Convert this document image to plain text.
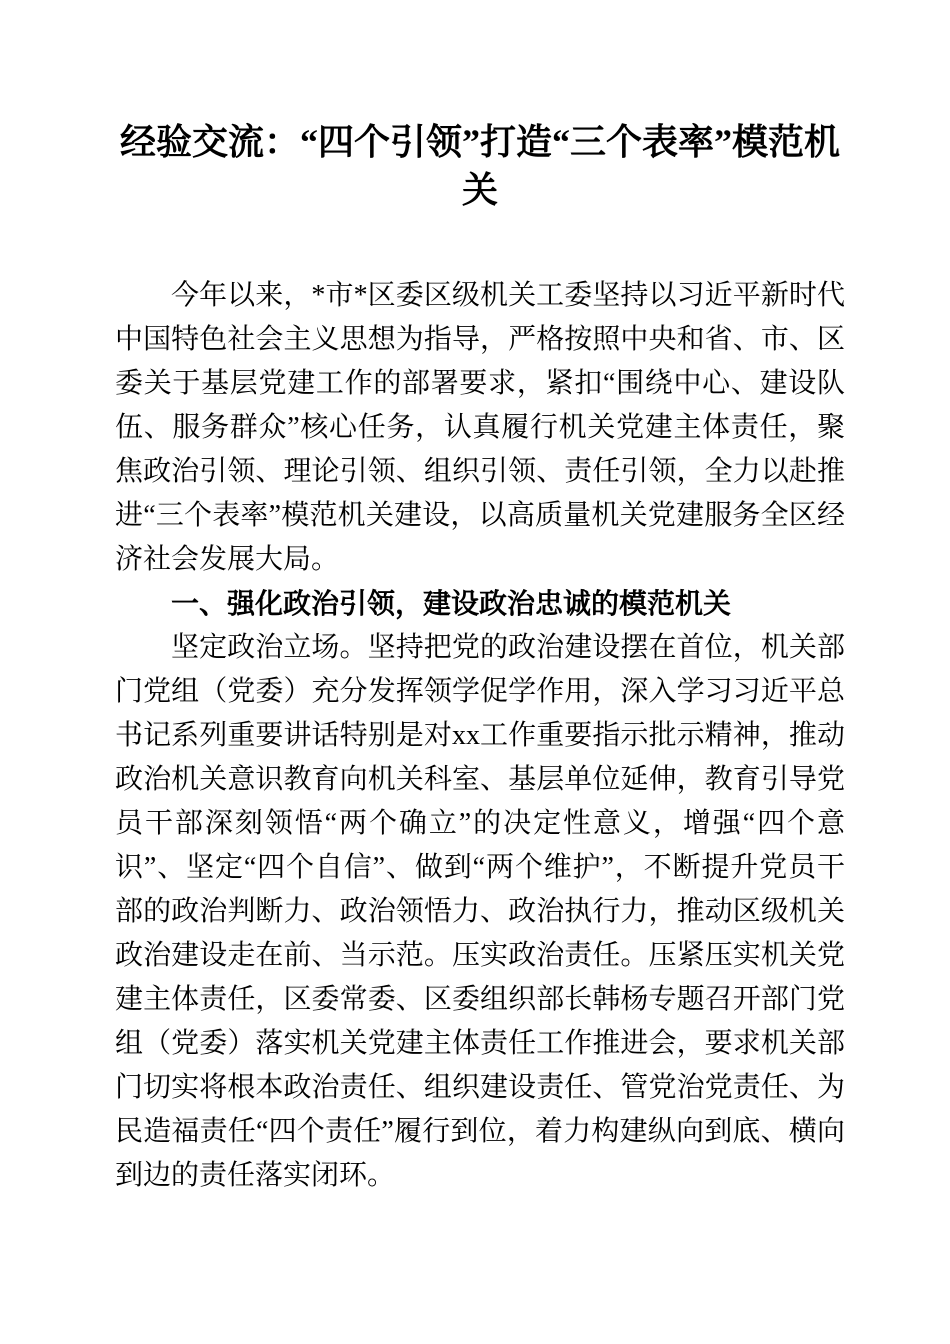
经验交流：“四个引领”打造“三个表率”模范机关

今年以来，*市*区委区级机关工委坚持以习近平新时代中国特色社会主义思想为指导，严格按照中央和省、市、区委关于基层党建工作的部署要求，紧扣“围绕中心、建设队伍、服务群众”核心任务，认真履行机关党建主体责任，聚焦政治引领、理论引领、组织引领、责任引领，全力以赴推进“三个表率”模范机关建设，以高质量机关党建服务全区经济社会发展大局。

一、强化政治引领，建设政治忠诚的模范机关

坚定政治立场。坚持把党的政治建设摆在首位，机关部门党组（党委）充分发挥领学促学作用，深入学习习近平总书记系列重要讲话特别是对xx工作重要指示批示精神，推动政治机关意识教育向机关科室、基层单位延伸，教育引导党员干部深刻领悟“两个确立”的决定性意义，增强“四个意识”、坚定“四个自信”、做到“两个维护”，不断提升党员干部的政治判断力、政治领悟力、政治执行力，推动区级机关政治建设走在前、当示范。压实政治责任。压紧压实机关党建主体责任，区委常委、区委组织部长韩杨专题召开部门党组（党委）落实机关党建主体责任工作推进会，要求机关部门切实将根本政治责任、组织建设责任、管党治党责任、为民造福责任“四个责任”履行到位，着力构建纵向到底、横向到边的责任落实闭环。
